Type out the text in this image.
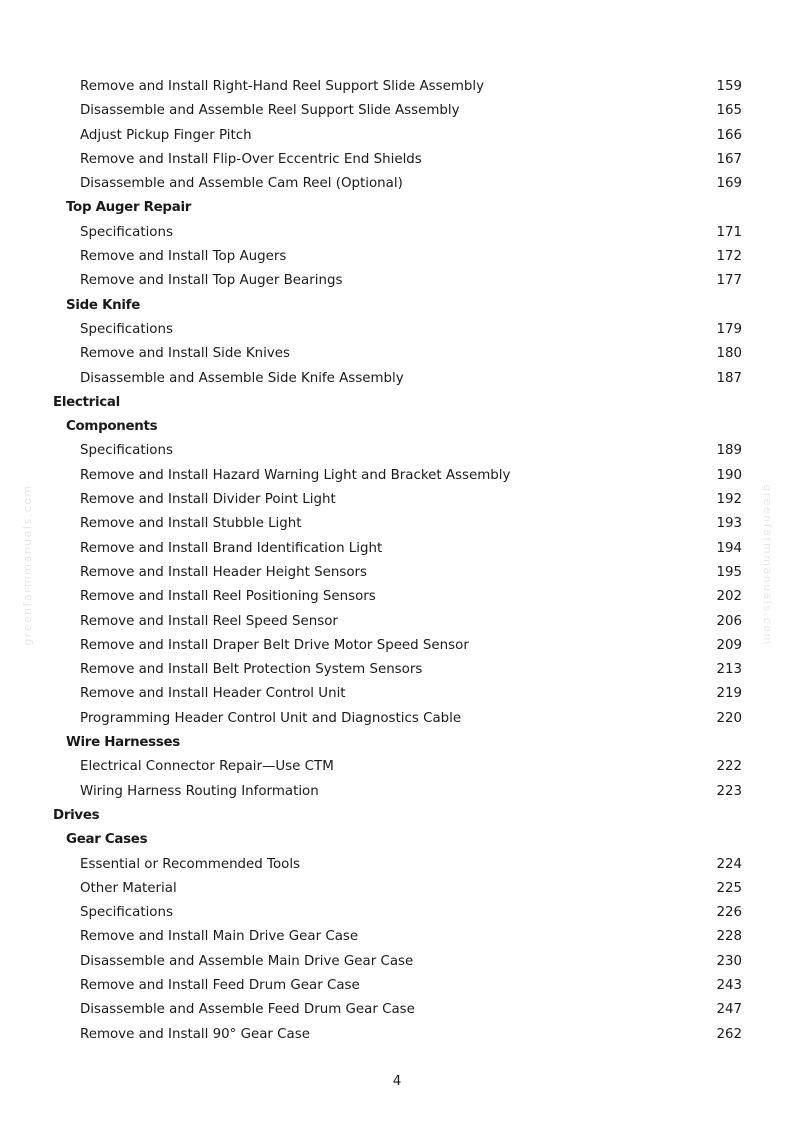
greenfarmmanuals.com	greenfarmmanuals.com
Remove and Install Right-Hand Reel Support Slide Assembly	159
Disassemble and Assemble Reel Support Slide Assembly	165
Adjust Pickup Finger Pitch	166
Remove and Install Flip-Over Eccentric End Shields	167
Disassemble and Assemble Cam Reel (Optional)	169
Top Auger Repair
Specifications	171
Remove and Install Top Augers	172
Remove and Install Top Auger Bearings	177
Side Knife
Specifications	179
Remove and Install Side Knives	180
Disassemble and Assemble Side Knife Assembly	187
Electrical
Components
Specifications	189
Remove and Install Hazard Warning Light and Bracket Assembly	190
Remove and Install Divider Point Light	192
Remove and Install Stubble Light	193
Remove and Install Brand Identification Light	194
Remove and Install Header Height Sensors	195
Remove and Install Reel Positioning Sensors	202
Remove and Install Reel Speed Sensor	206
Remove and Install Draper Belt Drive Motor Speed Sensor	209
Remove and Install Belt Protection System Sensors	213
Remove and Install Header Control Unit	219
Programming Header Control Unit and Diagnostics Cable	220
Wire Harnesses
Electrical Connector Repair—Use CTM	222
Wiring Harness Routing Information	223
Drives
Gear Cases
Essential or Recommended Tools	224
Other Material	225
Specifications	226
Remove and Install Main Drive Gear Case	228
Disassemble and Assemble Main Drive Gear Case	230
Remove and Install Feed Drum Gear Case	243
Disassemble and Assemble Feed Drum Gear Case	247
Remove and Install 90° Gear Case	262
4
